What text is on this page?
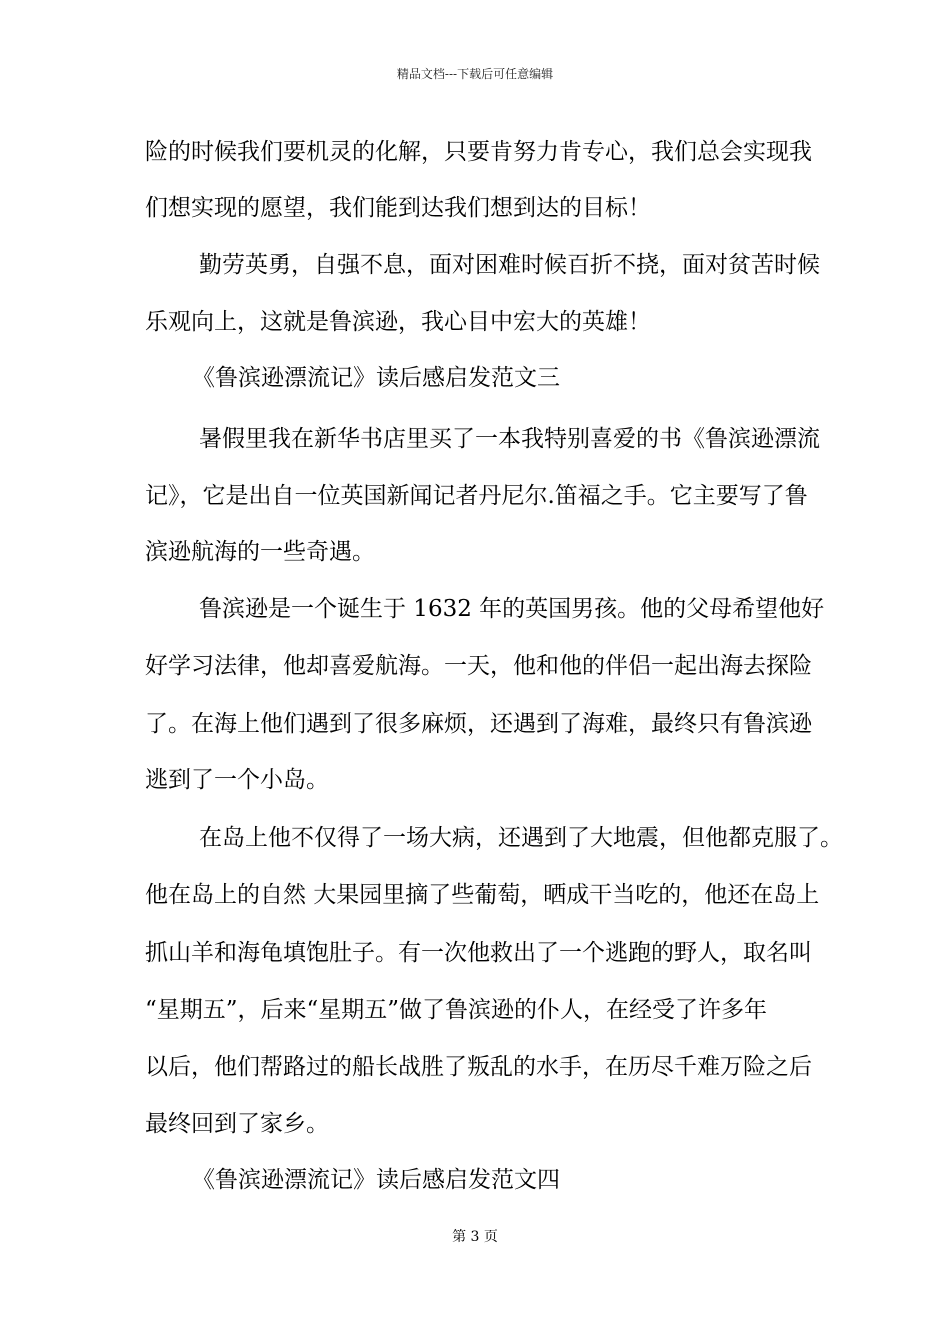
精品文档---下载后可任意编辑
险的时候我们要机灵的化解，只要肯努力肯专心，我们总会实现我
们想实现的愿望，我们能到达我们想到达的目标！
勤劳英勇，自强不息，面对困难时候百折不挠，面对贫苦时候
乐观向上，这就是鲁滨逊，我心目中宏大的英雄！
《鲁滨逊漂流记》读后感启发范文三
暑假里我在新华书店里买了一本我特别喜爱的书《鲁滨逊漂流
记》，它是出自一位英国新闻记者丹尼尔.笛福之手。它主要写了鲁
滨逊航海的一些奇遇。
鲁滨逊是一个诞生于 1632 年的英国男孩。他的父母希望他好
好学习法律，他却喜爱航海。一天，他和他的伴侣一起出海去探险
了。在海上他们遇到了很多麻烦，还遇到了海难，最终只有鲁滨逊
逃到了一个小岛。
在岛上他不仅得了一场大病，还遇到了大地震，但他都克服了。
他在岛上的自然 大果园里摘了些葡萄，晒成干当吃的，他还在岛上
抓山羊和海龟填饱肚子。有一次他救出了一个逃跑的野人，取名叫
“星期五”，后来“星期五”做了鲁滨逊的仆人，在经受了许多年
以后，他们帮路过的船长战胜了叛乱的水手，在历尽千难万险之后
最终回到了家乡。
《鲁滨逊漂流记》读后感启发范文四
第 3 页
